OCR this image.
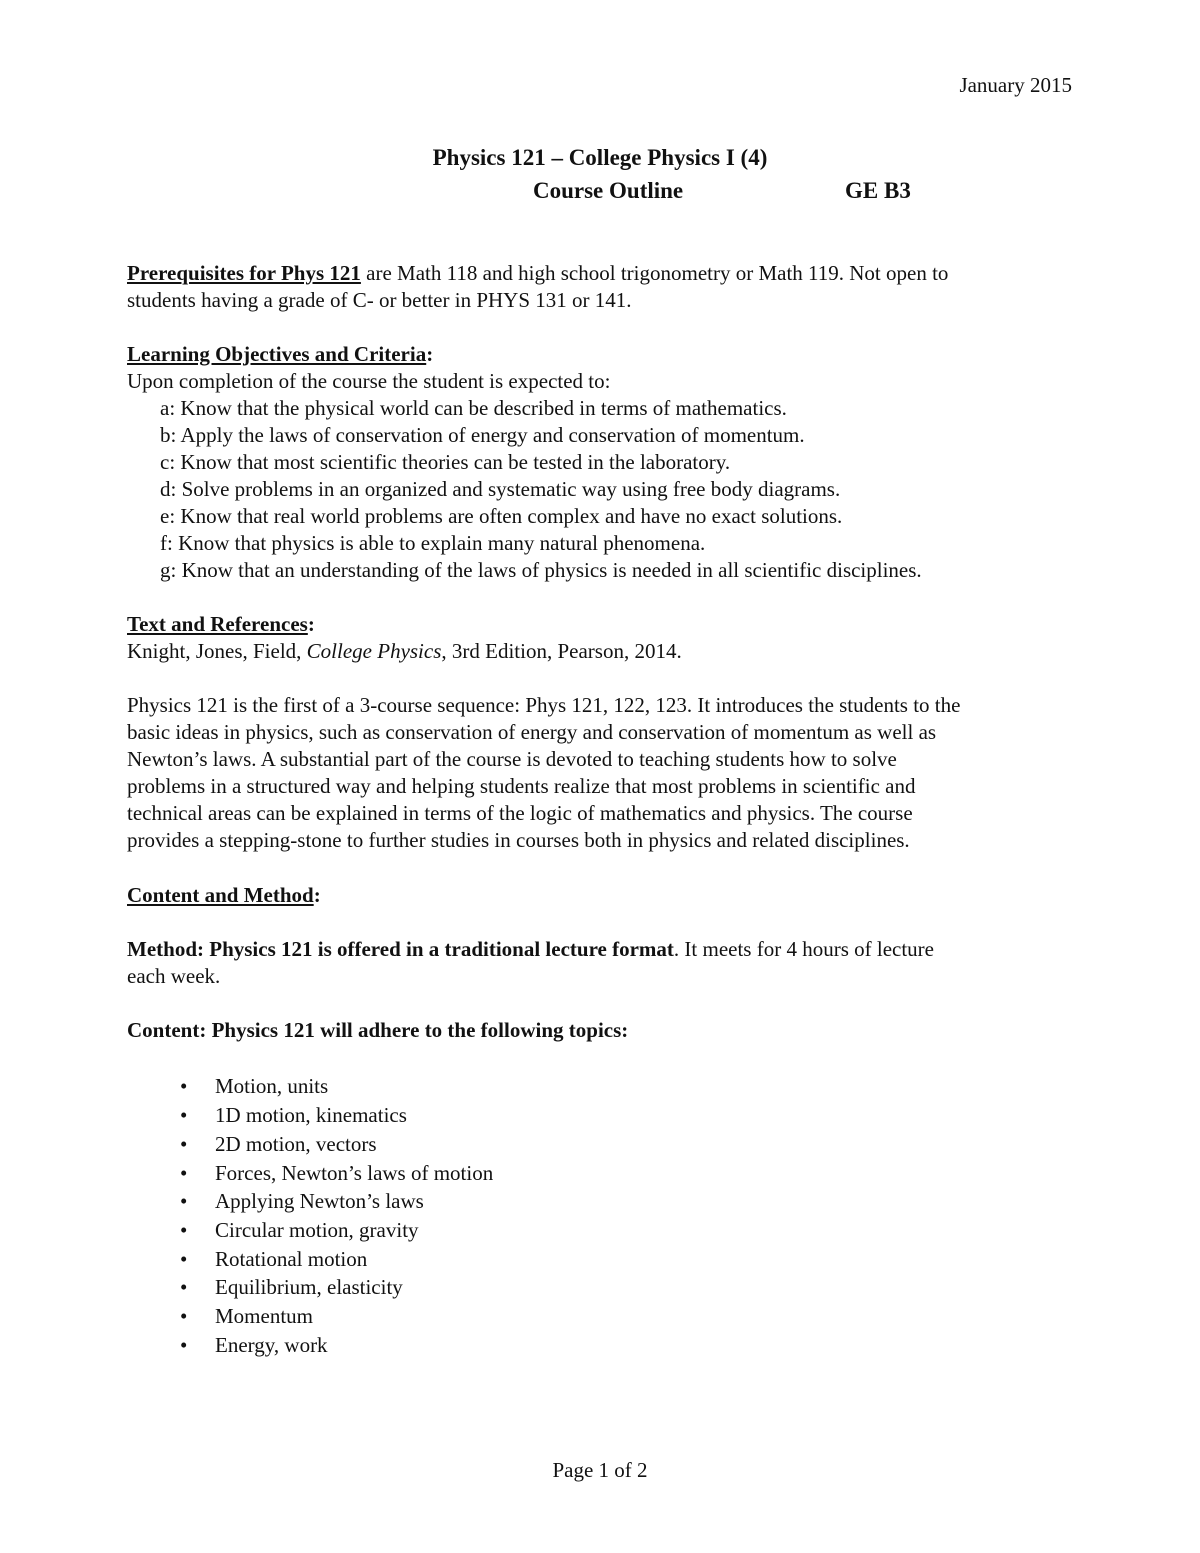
January 2015
Physics 121 – College Physics I (4)
Course Outline	GE B3
Prerequisites for Phys 121 are Math 118 and high school trigonometry or Math 119. Not open to
students having a grade of C- or better in PHYS 131 or 141.
Learning Objectives and Criteria:
Upon completion of the course the student is expected to:
a: Know that the physical world can be described in terms of mathematics.
b: Apply the laws of conservation of energy and conservation of momentum.
c: Know that most scientific theories can be tested in the laboratory.
d: Solve problems in an organized and systematic way using free body diagrams.
e: Know that real world problems are often complex and have no exact solutions.
f: Know that physics is able to explain many natural phenomena.
g: Know that an understanding of the laws of physics is needed in all scientific disciplines.
Text and References:
Knight, Jones, Field, College Physics, 3rd Edition, Pearson, 2014.
Physics 121 is the first of a 3-course sequence: Phys 121, 122, 123. It introduces the students to the
basic ideas in physics, such as conservation of energy and conservation of momentum as well as
Newton’s laws. A substantial part of the course is devoted to teaching students how to solve
problems in a structured way and helping students realize that most problems in scientific and
technical areas can be explained in terms of the logic of mathematics and physics. The course
provides a stepping-stone to further studies in courses both in physics and related disciplines.
Content and Method:
Method: Physics 121 is offered in a traditional lecture format. It meets for 4 hours of lecture
each week.
Content: Physics 121 will adhere to the following topics:
• Motion, units
• 1D motion, kinematics
• 2D motion, vectors
• Forces, Newton’s laws of motion
• Applying Newton’s laws
• Circular motion, gravity
• Rotational motion
• Equilibrium, elasticity
• Momentum
• Energy, work
Page 1 of 2
